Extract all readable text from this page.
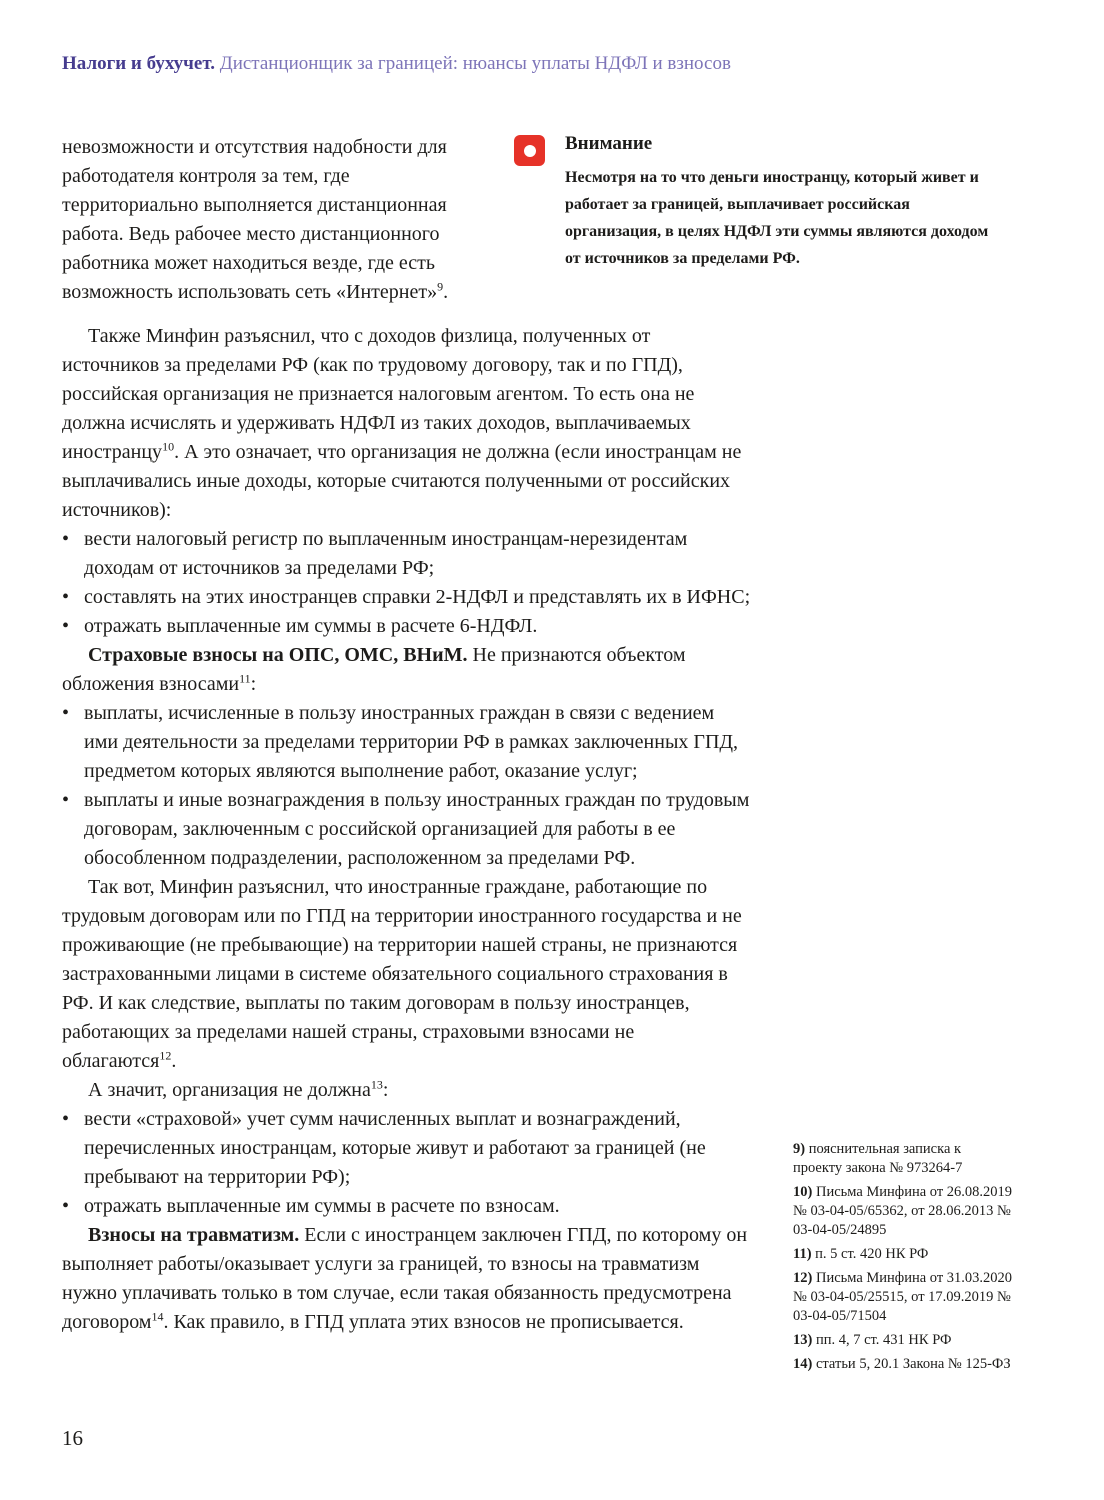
Налоги и бухучет. Дистанционщик за границей: нюансы уплаты НДФЛ и взносов

невозможности и отсутствия надобности для работодателя контроля за тем, где территориально выполняется дистанционная работа. Ведь рабочее место дистанционного работника может находиться везде, где есть возможность использовать сеть «Интернет»$^9$.

Внимание
Несмотря на то что деньги иностранцу, который живет и работает за границей, выплачивает российская организация, в целях НДФЛ эти суммы являются доходом от источников за пределами РФ.

Также Минфин разъяснил, что с доходов физлица, полученных от источников за пределами РФ (как по трудовому договору, так и по ГПД), российская организация не признается налоговым агентом. То есть она не должна исчислять и удерживать НДФЛ из таких доходов, выплачиваемых иностранцу$^{10}$. А это означает, что организация не должна (если иностранцам не выплачивались иные доходы, которые считаются полученными от российских источников):

• вести налоговый регистр по выплаченным иностранцам-нерезидентам доходам от источников за пределами РФ;

• составлять на этих иностранцев справки 2-НДФЛ и представлять их в ИФНС;

• отражать выплаченные им суммы в расчете 6-НДФЛ.

Страховые взносы на ОПС, ОМС, ВНиМ. Не признаются объектом обложения взносами$^{11}$:

• выплаты, исчисленные в пользу иностранных граждан в связи с ведением ими деятельности за пределами территории РФ в рамках заключенных ГПД, предметом которых являются выполнение работ, оказание услуг;

• выплаты и иные вознаграждения в пользу иностранных граждан по трудовым договорам, заключенным с российской организацией для работы в ее обособленном подразделении, расположенном за пределами РФ.

Так вот, Минфин разъяснил, что иностранные граждане, работающие по трудовым договорам или по ГПД на территории иностранного государства и не проживающие (не пребывающие) на территории нашей страны, не признаются застрахованными лицами в системе обязательного социального страхования в РФ. И как следствие, выплаты по таким договорам в пользу иностранцев, работающих за пределами нашей страны, страховыми взносами не облагаются$^{12}$.

А значит, организация не должна$^{13}$:

• вести «страховой» учет сумм начисленных выплат и вознаграждений, перечисленных иностранцам, которые живут и работают за границей (не пребывают на территории РФ);

• отражать выплаченные им суммы в расчете по взносам.

Взносы на травматизм. Если с иностранцем заключен ГПД, по которому он выполняет работы/оказывает услуги за границей, то взносы на травматизм нужно уплачивать только в том случае, если такая обязанность предусмотрена договором$^{14}$. Как правило, в ГПД уплата этих взносов не прописывается.

9) пояснительная записка к проекту закона № 973264-7

10) Письма Минфина от 26.08.2019 № 03-04-05/65362, от 28.06.2013 № 03-04-05/24895

11) п. 5 ст. 420 НК РФ

12) Письма Минфина от 31.03.2020 № 03-04-05/25515, от 17.09.2019 № 03-04-05/71504

13) пп. 4, 7 ст. 431 НК РФ

14) статьи 5, 20.1 Закона № 125-ФЗ

16
